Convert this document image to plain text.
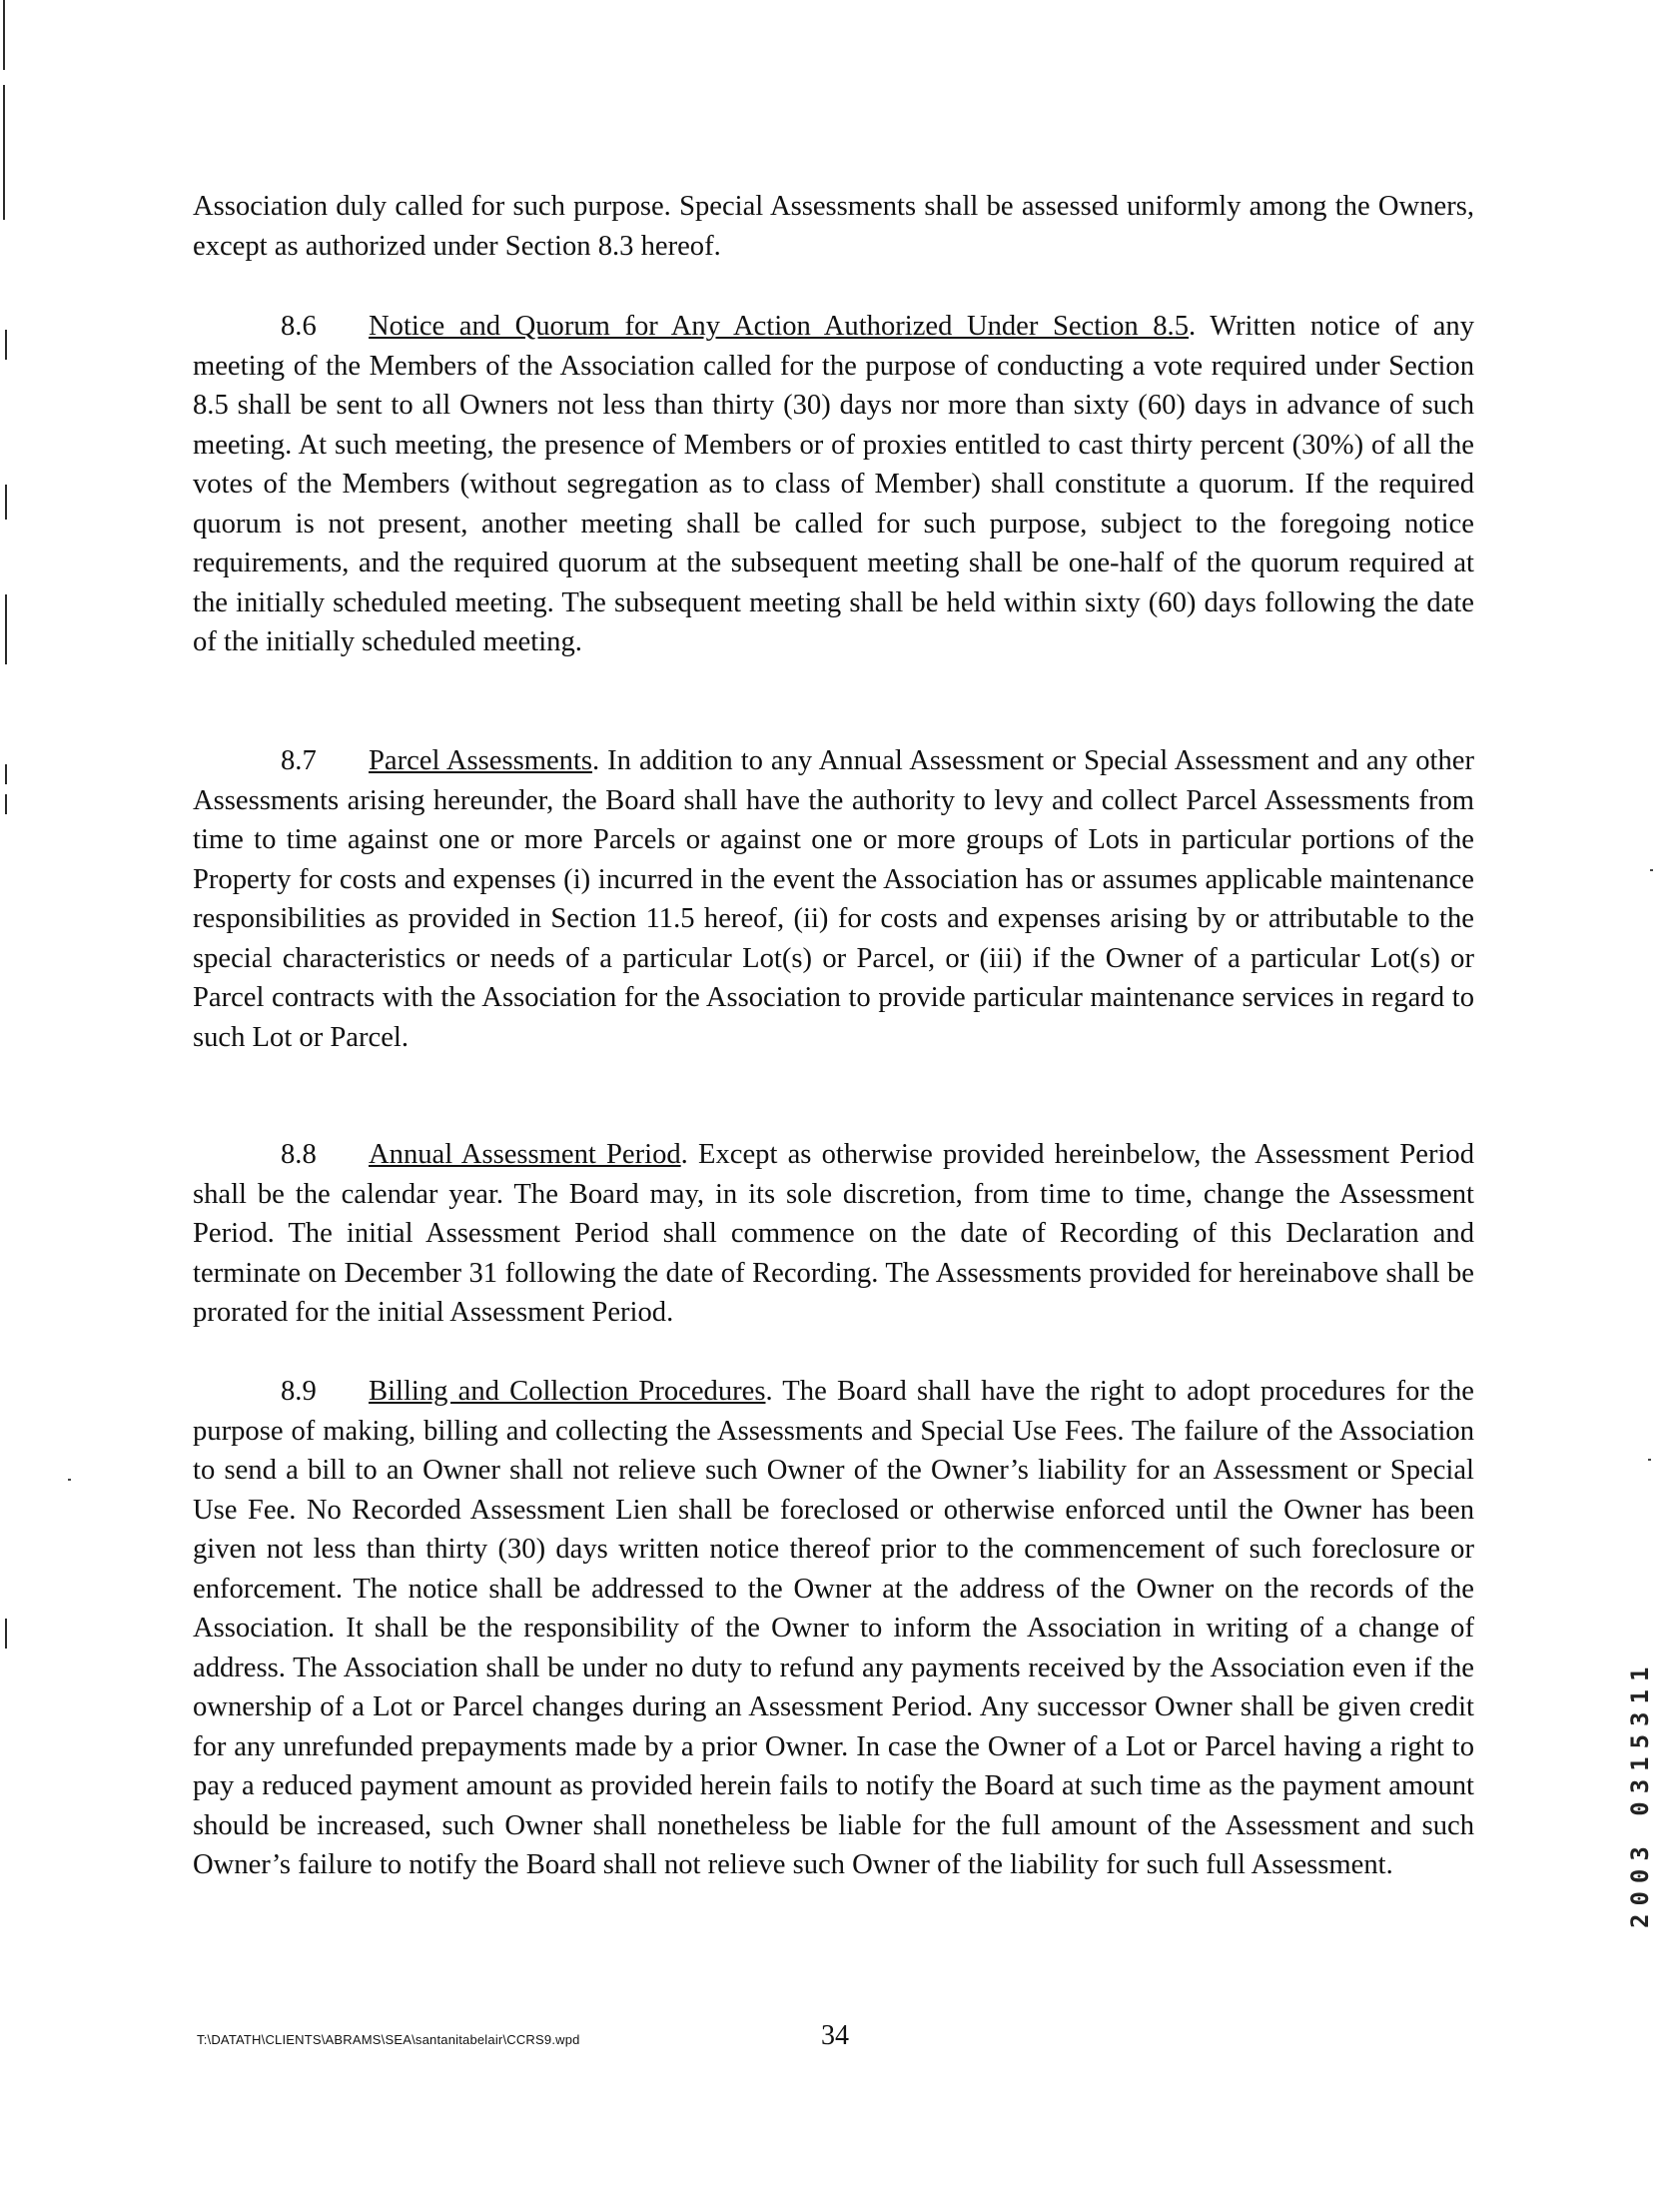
Association duly called for such purpose. Special Assessments shall be assessed uniformly among the Owners, except as authorized under Section 8.3 hereof.

8.6 Notice and Quorum for Any Action Authorized Under Section 8.5. Written notice of any meeting of the Members of the Association called for the purpose of conducting a vote required under Section 8.5 shall be sent to all Owners not less than thirty (30) days nor more than sixty (60) days in advance of such meeting. At such meeting, the presence of Members or of proxies entitled to cast thirty percent (30%) of all the votes of the Members (without segregation as to class of Member) shall constitute a quorum. If the required quorum is not present, another meeting shall be called for such purpose, subject to the foregoing notice requirements, and the required quorum at the subsequent meeting shall be one-half of the quorum required at the initially scheduled meeting. The subsequent meeting shall be held within sixty (60) days following the date of the initially scheduled meeting.

8.7 Parcel Assessments. In addition to any Annual Assessment or Special Assessment and any other Assessments arising hereunder, the Board shall have the authority to levy and collect Parcel Assessments from time to time against one or more Parcels or against one or more groups of Lots in particular portions of the Property for costs and expenses (i) incurred in the event the Association has or assumes applicable maintenance responsibilities as provided in Section 11.5 hereof, (ii) for costs and expenses arising by or attributable to the special characteristics or needs of a particular Lot(s) or Parcel, or (iii) if the Owner of a particular Lot(s) or Parcel contracts with the Association for the Association to provide particular maintenance services in regard to such Lot or Parcel.

8.8 Annual Assessment Period. Except as otherwise provided hereinbelow, the Assessment Period shall be the calendar year. The Board may, in its sole discretion, from time to time, change the Assessment Period. The initial Assessment Period shall commence on the date of Recording of this Declaration and terminate on December 31 following the date of Recording. The Assessments provided for hereinabove shall be prorated for the initial Assessment Period.

8.9 Billing and Collection Procedures. The Board shall have the right to adopt procedures for the purpose of making, billing and collecting the Assessments and Special Use Fees. The failure of the Association to send a bill to an Owner shall not relieve such Owner of the Owner’s liability for an Assessment or Special Use Fee. No Recorded Assessment Lien shall be foreclosed or otherwise enforced until the Owner has been given not less than thirty (30) days written notice thereof prior to the commencement of such foreclosure or enforcement. The notice shall be addressed to the Owner at the address of the Owner on the records of the Association. It shall be the responsibility of the Owner to inform the Association in writing of a change of address. The Association shall be under no duty to refund any payments received by the Association even if the ownership of a Lot or Parcel changes during an Assessment Period. Any successor Owner shall be given credit for any unrefunded prepayments made by a prior Owner. In case the Owner of a Lot or Parcel having a right to pay a reduced payment amount as provided herein fails to notify the Board at such time as the payment amount should be increased, such Owner shall nonetheless be liable for the full amount of the Assessment and such Owner’s failure to notify the Board shall not relieve such Owner of the liability for such full Assessment.	2003 0315311
T:\DATATH\CLIENTS\ABRAMS\SEA\santanitabelair\CCRS9.wpd	34
